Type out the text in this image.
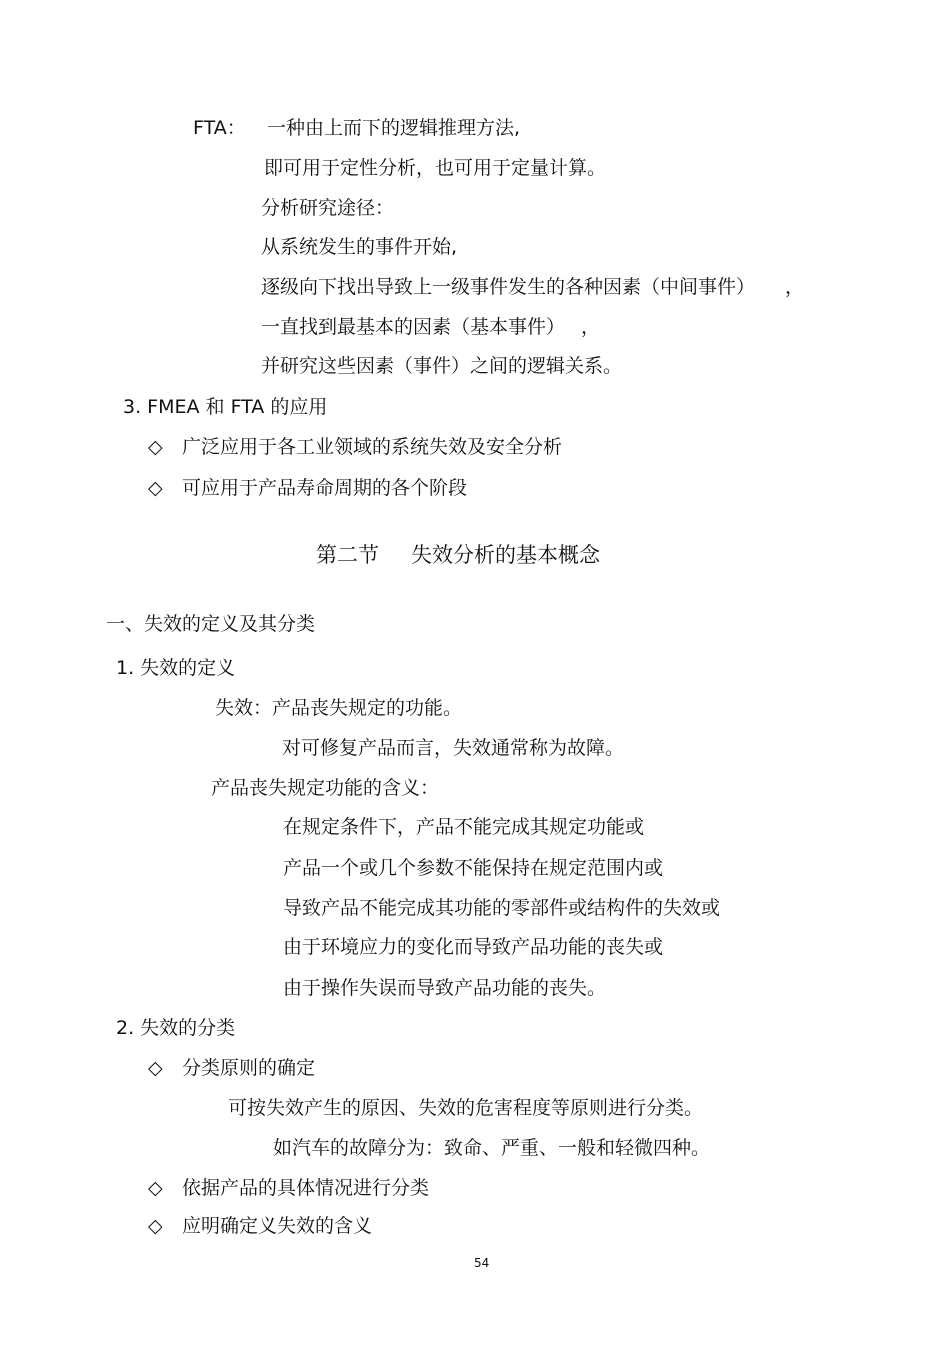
FTA： 一种由上而下的逻辑推理方法,
即可用于定性分析，也可用于定量计算。
分析研究途径：
从系统发生的事件开始,
逐级向下找出导致上一级事件发生的各种因素（中间事件） ，
一直找到最基本的因素（基本事件） ，
并研究这些因素（事件）之间的逻辑关系。
3. FMEA 和 FTA 的应用
◇ 广泛应用于各工业领域的系统失效及安全分析
◇ 可应用于产品寿命周期的各个阶段
第二节 失效分析的基本概念
一、失效的定义及其分类
1. 失效的定义
失效：产品丧失规定的功能。
对可修复产品而言，失效通常称为故障。
产品丧失规定功能的含义：
在规定条件下，产品不能完成其规定功能或
产品一个或几个参数不能保持在规定范围内或
导致产品不能完成其功能的零部件或结构件的失效或
由于环境应力的变化而导致产品功能的丧失或
由于操作失误而导致产品功能的丧失。
2. 失效的分类
◇ 分类原则的确定
可按失效产生的原因、失效的危害程度等原则进行分类。
如汽车的故障分为：致命、严重、一般和轻微四种。
◇ 依据产品的具体情况进行分类
◇ 应明确定义失效的含义
54
